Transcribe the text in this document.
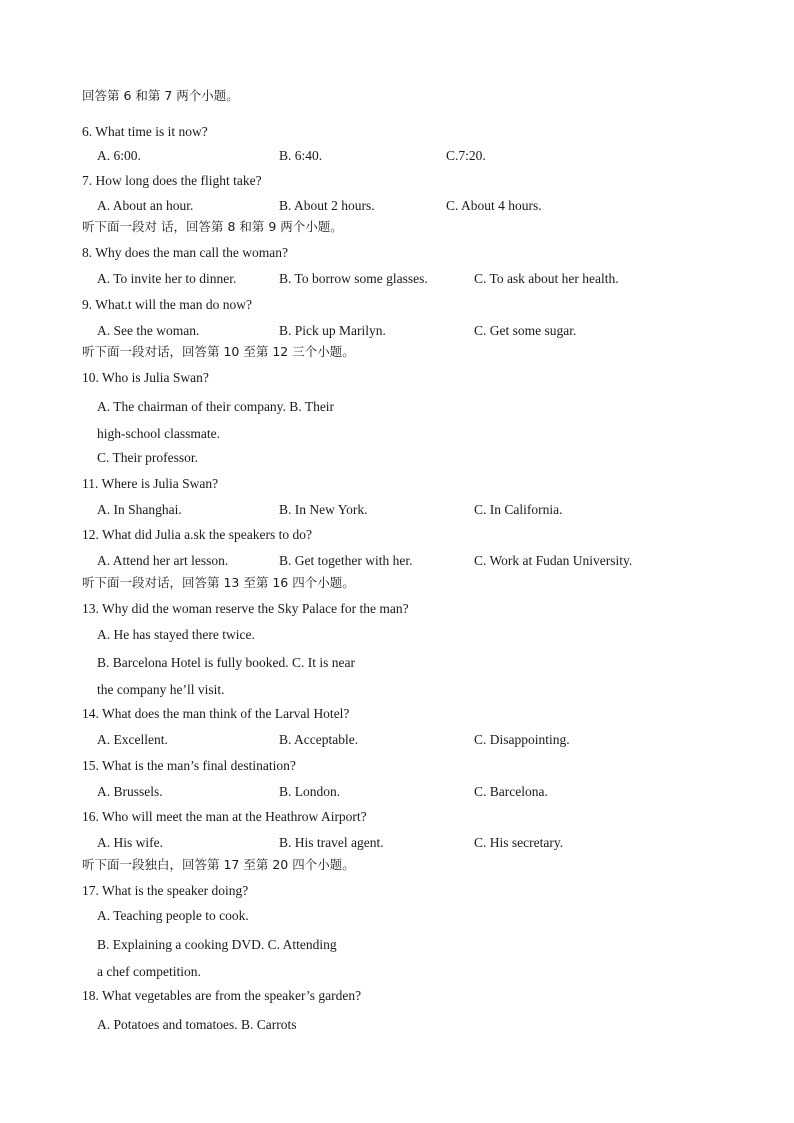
回答第 6 和第 7 两个小题。
6. What time is it now?
A. 6:00.	B. 6:40.	C.7:20.
7. How long does the flight take?
A. About an hour.	B. About 2 hours.	C. About 4 hours.
听下面一段对 话，回答第 8 和第 9 两个小题。
8. Why does the man call the woman?
A. To invite her to dinner.	B. To borrow some glasses.	C. To ask about her health.
9. What.t will the man do now?
A. See the woman.	B. Pick up Marilyn.	C. Get some sugar.
听下面一段对话，回答第 10 至第 12 三个小题。
10. Who is Julia Swan?
A. The chairman of their company. B. Their
high-school classmate.
C. Their professor.
11. Where is Julia Swan?
A. In Shanghai.	B. In New York.	C. In California.
12. What did Julia a.sk the speakers to do?
A. Attend her art lesson.	B. Get together with her.	C. Work at Fudan University.
听下面一段对话，回答第 13 至第 16 四个小题。
13. Why did the woman reserve the Sky Palace for the man?
A. He has stayed there twice.
B. Barcelona Hotel is fully booked. C. It is near
the company he’ll visit.
14. What does the man think of the Larval Hotel?
A. Excellent.	B. Acceptable.	C. Disappointing.
15. What is the man’s final destination?
A. Brussels.	B. London.	C. Barcelona.
16. Who will meet the man at the Heathrow Airport?
A. His wife.	B. His travel agent.	C. His secretary.
听下面一段独白，回答第 17 至第 20 四个小题。
17. What is the speaker doing?
A. Teaching people to cook.
B. Explaining a cooking DVD. C. Attending
a chef competition.
18. What vegetables are from the speaker’s garden?
A. Potatoes and tomatoes. B. Carrots
